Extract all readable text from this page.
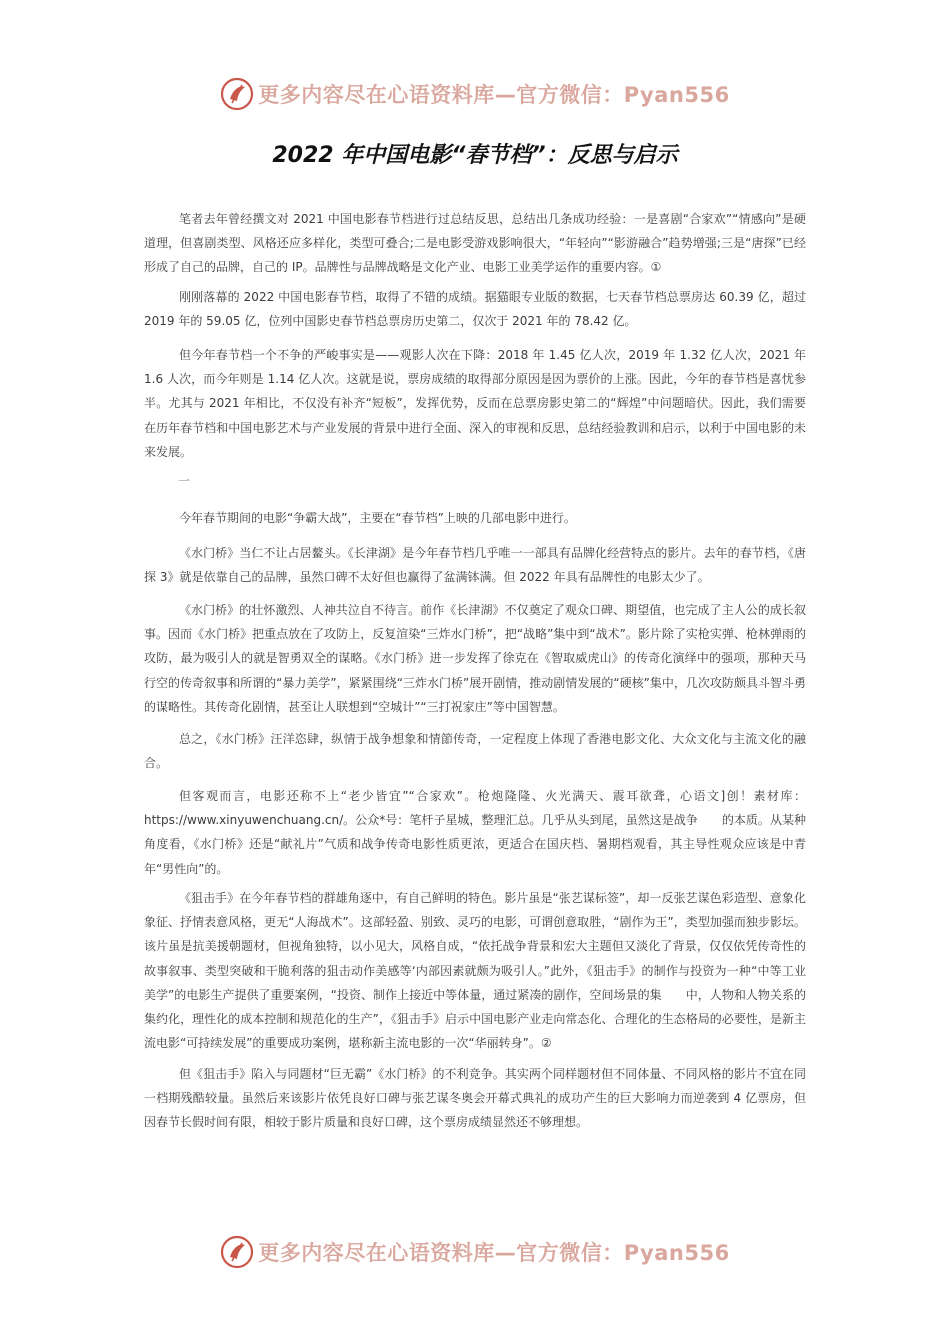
更多内容尽在心语资料库—官方微信：Pyan556
2022 年中国电影“春节档”：反思与启示

笔者去年曾经撰文对 2021 中国电影春节档进行过总结反思，总结出几条成功经验：一是喜剧“合家欢”“情感向”是硬道理，但喜剧类型、风格还应多样化，类型可叠合;二是电影受游戏影响很大，“年轻向”“影游融合”趋势增强;三是“唐探”已经形成了自己的品牌，自己的 IP。品牌性与品牌战略是文化产业、电影工业美学运作的重要内容。①

刚刚落幕的 2022 中国电影春节档，取得了不错的成绩。据猫眼专业版的数据，七天春节档总票房达 60.39 亿，超过 2019 年的 59.05 亿，位列中国影史春节档总票房历史第二，仅次于 2021 年的 78.42 亿。

但今年春节档一个不争的严峻事实是——观影人次在下降：2018 年 1.45 亿人次，2019 年 1.32 亿人次，2021 年 1.6 人次，而今年则是 1.14 亿人次。这就是说，票房成绩的取得部分原因是因为票价的上涨。因此，今年的春节档是喜忧参半。尤其与 2021 年相比，不仅没有补齐“短板”，发挥优势，反而在总票房影史第二的“辉煌”中问题暗伏。因此，我们需要在历年春节档和中国电影艺术与产业发展的背景中进行全面、深入的审视和反思，总结经验教训和启示，以利于中国电影的未来发展。

一

今年春节期间的电影“争霸大战”，主要在“春节档”上映的几部电影中进行。

《水门桥》当仁不让占居鳌头。《长津湖》是今年春节档几乎唯一一部具有品牌化经营特点的影片。去年的春节档，《唐探 3》就是依靠自己的品牌，虽然口碑不太好但也赢得了盆满钵满。但 2022 年具有品牌性的电影太少了。

《水门桥》的壮怀激烈、人神共泣自不待言。前作《长津湖》不仅奠定了观众口碑、期望值，也完成了主人公的成长叙事。因而《水门桥》把重点放在了攻防上，反复渲染“三炸水门桥”，把“战略”集中到“战术”。影片除了实枪实弹、枪林弹雨的攻防，最为吸引人的就是智勇双全的谋略。《水门桥》进一步发挥了徐克在《智取威虎山》的传奇化演绎中的强项，那种天马行空的传奇叙事和所谓的“暴力美学”，紧紧围绕“三炸水门桥”展开剧情，推动剧情发展的“硬核”集中，几次攻防颇具斗智斗勇的谋略性。其传奇化剧情，甚至让人联想到“空城计”“三打祝家庄”等中国智慧。

总之，《水门桥》汪洋恣肆，纵情于战争想象和情節传奇，一定程度上体现了香港电影文化、大众文化与主流文化的融合。

但客观而言，电影还称不上“老少皆宜”“合家欢”。枪炮隆隆、火光满天、震耳欲聋，心语文]创！素材库：https://www.xinyuwenchuang.cn/。公众*号：笔杆子星城，整理汇总。几乎从头到尾，虽然这是战争　　的本质。从某种角度看，《水门桥》还是“献礼片”气质和战争传奇电影性质更浓，更适合在国庆档、暑期档观看，其主导性观众应该是中青年“男性向”的。

《狙击手》在今年春节档的群雄角逐中，有自己鲜明的特色。影片虽是“张艺谋标签”，却一反张艺谋色彩造型、意象化象征、抒情表意风格，更无“人海战术”。这部轻盈、别致、灵巧的电影，可谓创意取胜，“剧作为王”，类型加强而独步影坛。该片虽是抗美援朝题材，但视角独特，以小见大，风格自成，“依托战争背景和宏大主题但又淡化了背景，仅仅依凭传奇性的故事叙事、类型突破和干脆利落的狙击动作美感等‘内部因素就颇为吸引人。”此外，《狙击手》的制作与投资为一种“中等工业美学”的电影生产提供了重要案例，“投资、制作上接近中等体量，通过紧凑的剧作，空间场景的集　　中，人物和人物关系的集约化，理性化的成本控制和规范化的生产”，《狙击手》启示中国电影产业走向常态化、合理化的生态格局的必要性，是新主流电影“可持续发展”的重要成功案例，堪称新主流电影的一次“华丽转身”。②

但《狙击手》陷入与同题材“巨无霸”《水门桥》的不利竞争。其实两个同样题材但不同体量、不同风格的影片不宜在同一档期残酷较量。虽然后来该影片依凭良好口碑与张艺谋冬奥会开幕式典礼的成功产生的巨大影响力而逆袭到 4 亿票房，但因春节长假时间有限，相较于影片质量和良好口碑，这个票房成绩显然还不够理想。

更多内容尽在心语资料库—官方微信：Pyan556
